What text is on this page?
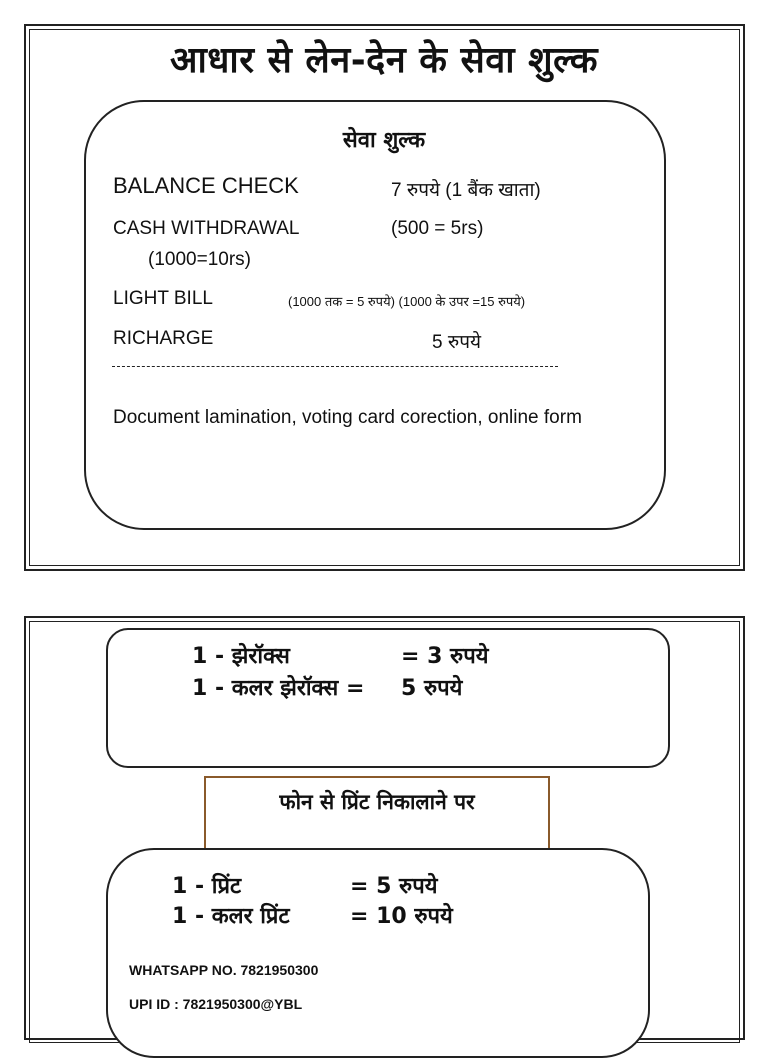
आधार से लेन-देन के सेवा शुल्क
सेवा शुल्क
BALANCE CHECK	7 रुपये (1 बैंक खाता)
CASH WITHDRAWAL	(500 = 5rs)
(1000=10rs)
LIGHT BILL	(1000 तक = 5 रुपये) (1000 के उपर =15 रुपये)
RICHARGE	5 रुपये
Document lamination, voting card corection, online form
1 - झेरॉक्स	= 3 रुपये
1 - कलर झेरॉक्स = 5 रुपये
फोन से प्रिंट निकालाने पर
1 - प्रिंट	= 5 रुपये
1 - कलर प्रिंट	= 10 रुपये
WHATSAPP NO. 7821950300
UPI ID : 7821950300@YBL
